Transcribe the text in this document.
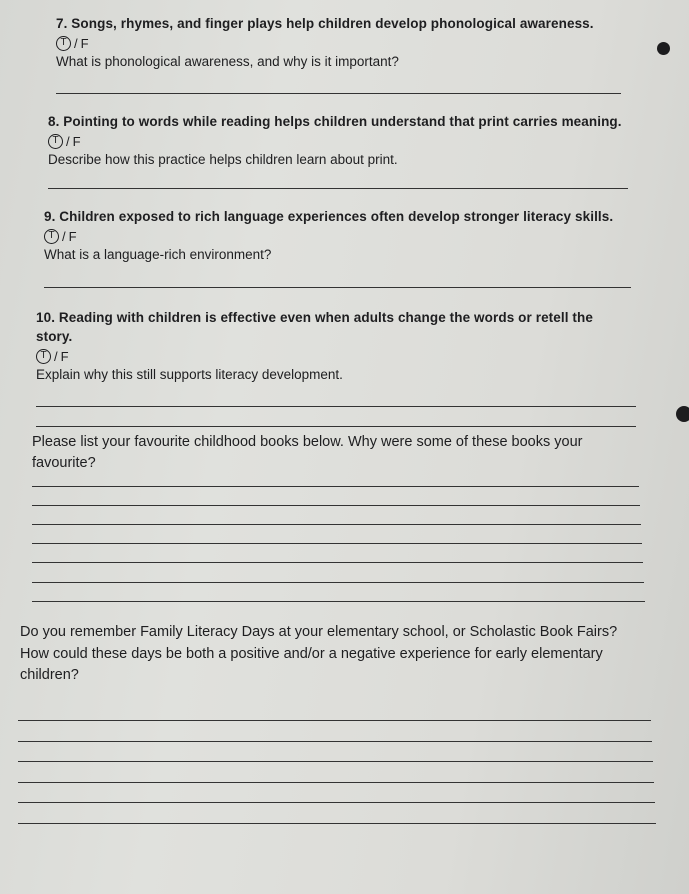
7. Songs, rhymes, and finger plays help children develop phonological awareness.
T / F
What is phonological awareness, and why is it important?
8. Pointing to words while reading helps children understand that print carries meaning.
T / F
Describe how this practice helps children learn about print.
9. Children exposed to rich language experiences often develop stronger literacy skills.
T / F
What is a language-rich environment?
10. Reading with children is effective even when adults change the words or retell the story.
T / F
Explain why this still supports literacy development.
Please list your favourite childhood books below. Why were some of these books your favourite?
Do you remember Family Literacy Days at your elementary school, or Scholastic Book Fairs? How could these days be both a positive and/or a negative experience for early elementary children?
